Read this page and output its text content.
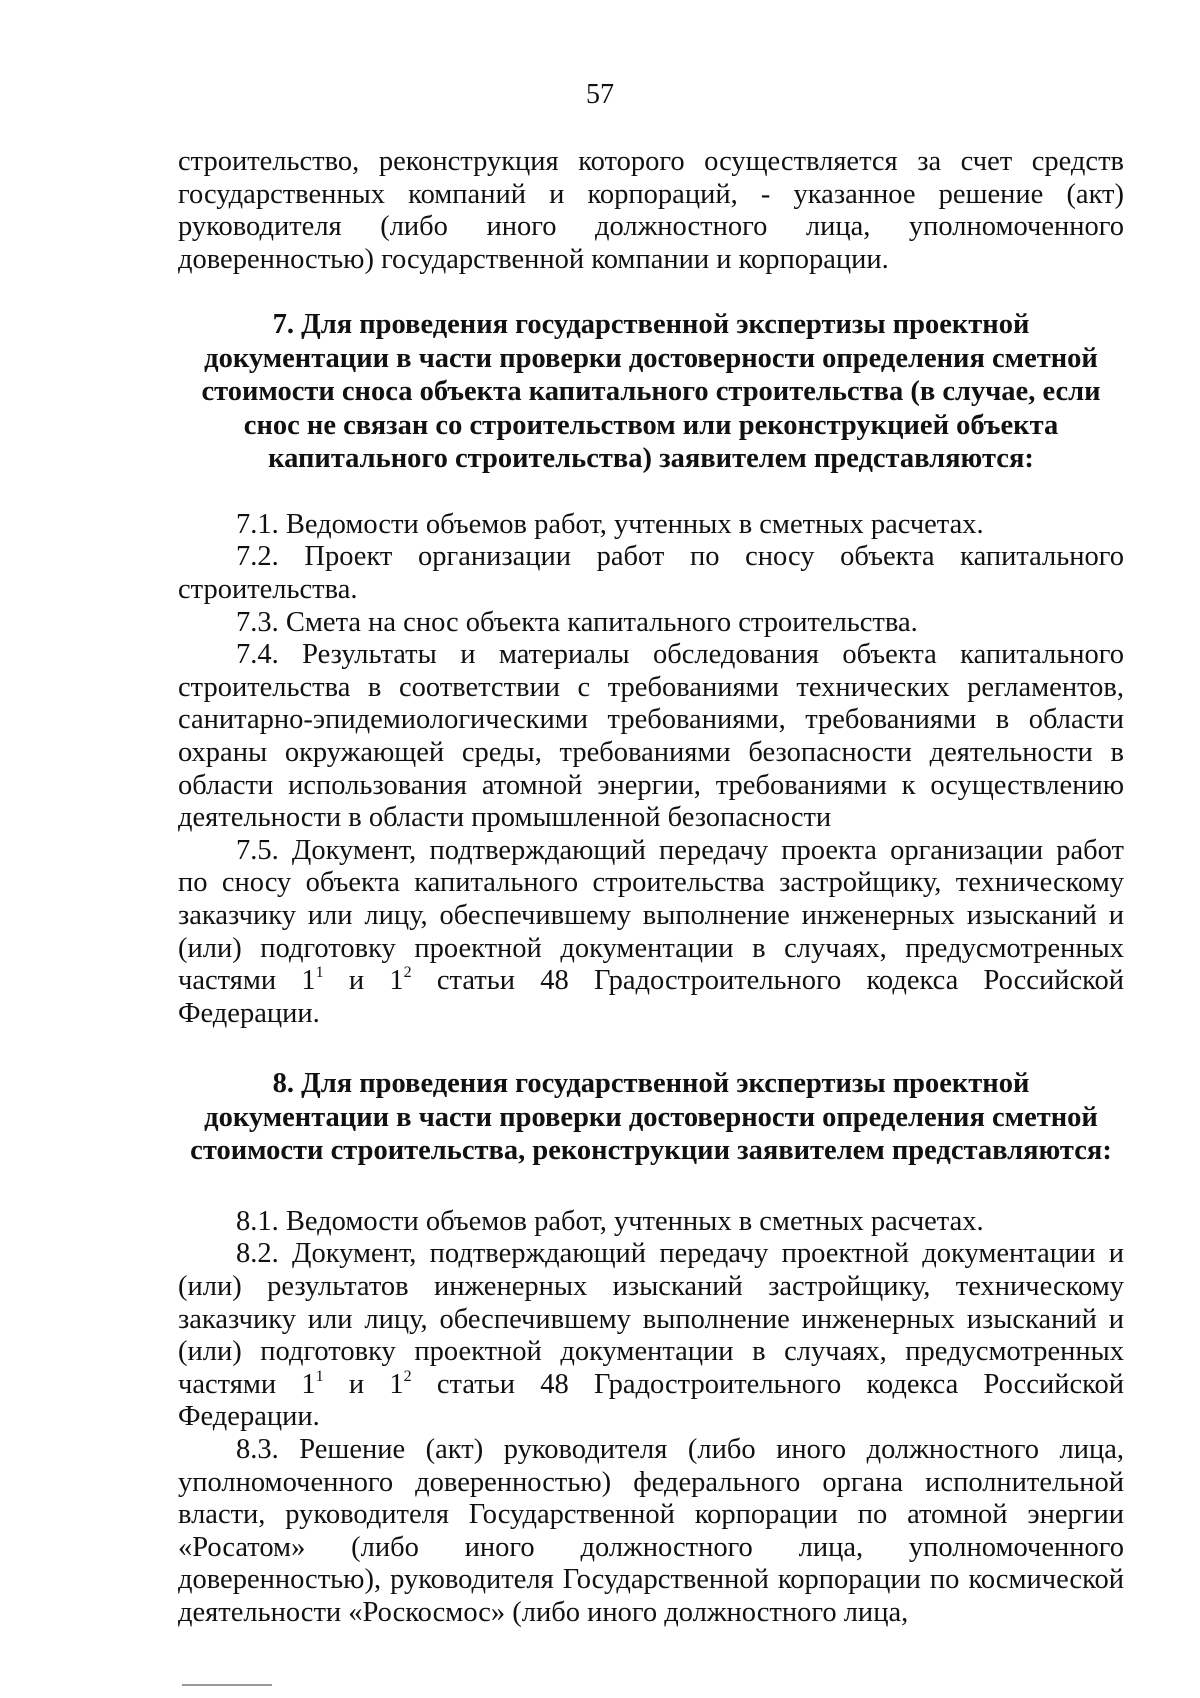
57

строительство, реконструкция которого осуществляется за счет средств государственных компаний и корпораций, - указанное решение (акт) руководителя (либо иного должностного лица, уполномоченного доверенностью) государственной компании и корпорации.

7. Для проведения государственной экспертизы проектной документации в части проверки достоверности определения сметной стоимости сноса объекта капитального строительства (в случае, если снос не связан со строительством или реконструкцией объекта капитального строительства) заявителем представляются:

7.1. Ведомости объемов работ, учтенных в сметных расчетах.

7.2. Проект организации работ по сносу объекта капитального строительства.

7.3. Смета на снос объекта капитального строительства.

7.4. Результаты и материалы обследования объекта капитального строительства в соответствии с требованиями технических регламентов, санитарно-эпидемиологическими требованиями, требованиями в области охраны окружающей среды, требованиями безопасности деятельности в области использования атомной энергии, требованиями к осуществлению деятельности в области промышленной безопасности

7.5. Документ, подтверждающий передачу проекта организации работ по сносу объекта капитального строительства застройщику, техническому заказчику или лицу, обеспечившему выполнение инженерных изысканий и (или) подготовку проектной документации в случаях, предусмотренных частями $1^1$ и $1^2$ статьи 48 Градостроительного кодекса Российской Федерации.

8. Для проведения государственной экспертизы проектной документации в части проверки достоверности определения сметной стоимости строительства, реконструкции заявителем представляются:

8.1. Ведомости объемов работ, учтенных в сметных расчетах.

8.2. Документ, подтверждающий передачу проектной документации и (или) результатов инженерных изысканий застройщику, техническому заказчику или лицу, обеспечившему выполнение инженерных изысканий и (или) подготовку проектной документации в случаях, предусмотренных частями $1^1$ и $1^2$ статьи 48 Градостроительного кодекса Российской Федерации.

8.3. Решение (акт) руководителя (либо иного должностного лица, уполномоченного доверенностью) федерального органа исполнительной власти, руководителя Государственной корпорации по атомной энергии «Росатом» (либо иного должностного лица, уполномоченного доверенностью), руководителя Государственной корпорации по космической деятельности «Роскосмос» (либо иного должностного лица,
